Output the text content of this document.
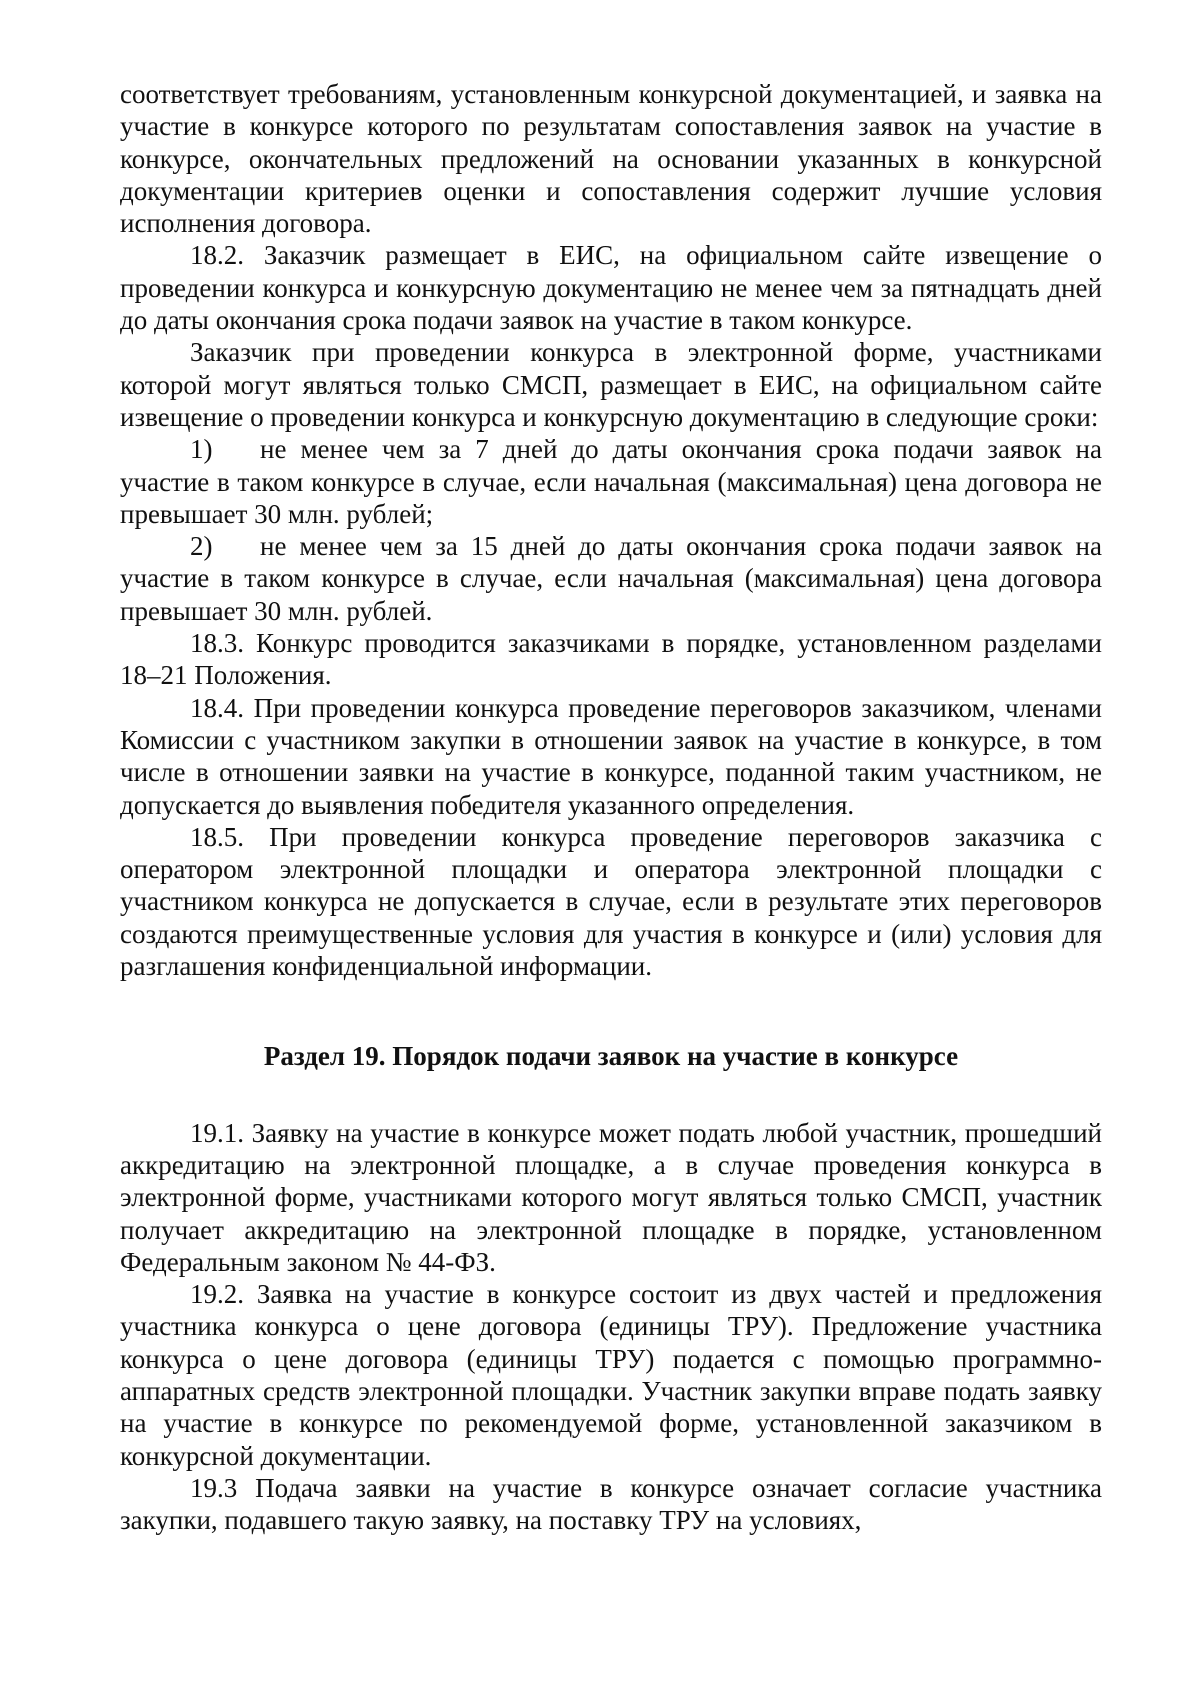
соответствует требованиям, установленным конкурсной документацией, и заявка на участие в конкурсе которого по результатам сопоставления заявок на участие в конкурсе, окончательных предложений на основании указанных в конкурсной документации критериев оценки и сопоставления содержит лучшие условия исполнения договора.

18.2. Заказчик размещает в ЕИС, на официальном сайте извещение о проведении конкурса и конкурсную документацию не менее чем за пятнадцать дней до даты окончания срока подачи заявок на участие в таком конкурсе.

Заказчик при проведении конкурса в электронной форме, участниками которой могут являться только СМСП, размещает в ЕИС, на официальном сайте извещение о проведении конкурса и конкурсную документацию в следующие сроки:

1) не менее чем за 7 дней до даты окончания срока подачи заявок на участие в таком конкурсе в случае, если начальная (максимальная) цена договора не превышает 30 млн. рублей;

2) не менее чем за 15 дней до даты окончания срока подачи заявок на участие в таком конкурсе в случае, если начальная (максимальная) цена договора превышает 30 млн. рублей.

18.3. Конкурс проводится заказчиками в порядке, установленном разделами 18–21 Положения.

18.4. При проведении конкурса проведение переговоров заказчиком, членами Комиссии с участником закупки в отношении заявок на участие в конкурсе, в том числе в отношении заявки на участие в конкурсе, поданной таким участником, не допускается до выявления победителя указанного определения.

18.5. При проведении конкурса проведение переговоров заказчика с оператором электронной площадки и оператора электронной площадки с участником конкурса не допускается в случае, если в результате этих переговоров создаются преимущественные условия для участия в конкурсе и (или) условия для разглашения конфиденциальной информации.

Раздел 19. Порядок подачи заявок на участие в конкурсе

19.1. Заявку на участие в конкурсе может подать любой участник, прошедший аккредитацию на электронной площадке, а в случае проведения конкурса в электронной форме, участниками которого могут являться только СМСП, участник получает аккредитацию на электронной площадке в порядке, установленном Федеральным законом № 44-ФЗ.

19.2. Заявка на участие в конкурсе состоит из двух частей и предложения участника конкурса о цене договора (единицы ТРУ). Предложение участника конкурса о цене договора (единицы ТРУ) подается с помощью программно-аппаратных средств электронной площадки. Участник закупки вправе подать заявку на участие в конкурсе по рекомендуемой форме, установленной заказчиком в конкурсной документации.

19.3 Подача заявки на участие в конкурсе означает согласие участника закупки, подавшего такую заявку, на поставку ТРУ на условиях,
